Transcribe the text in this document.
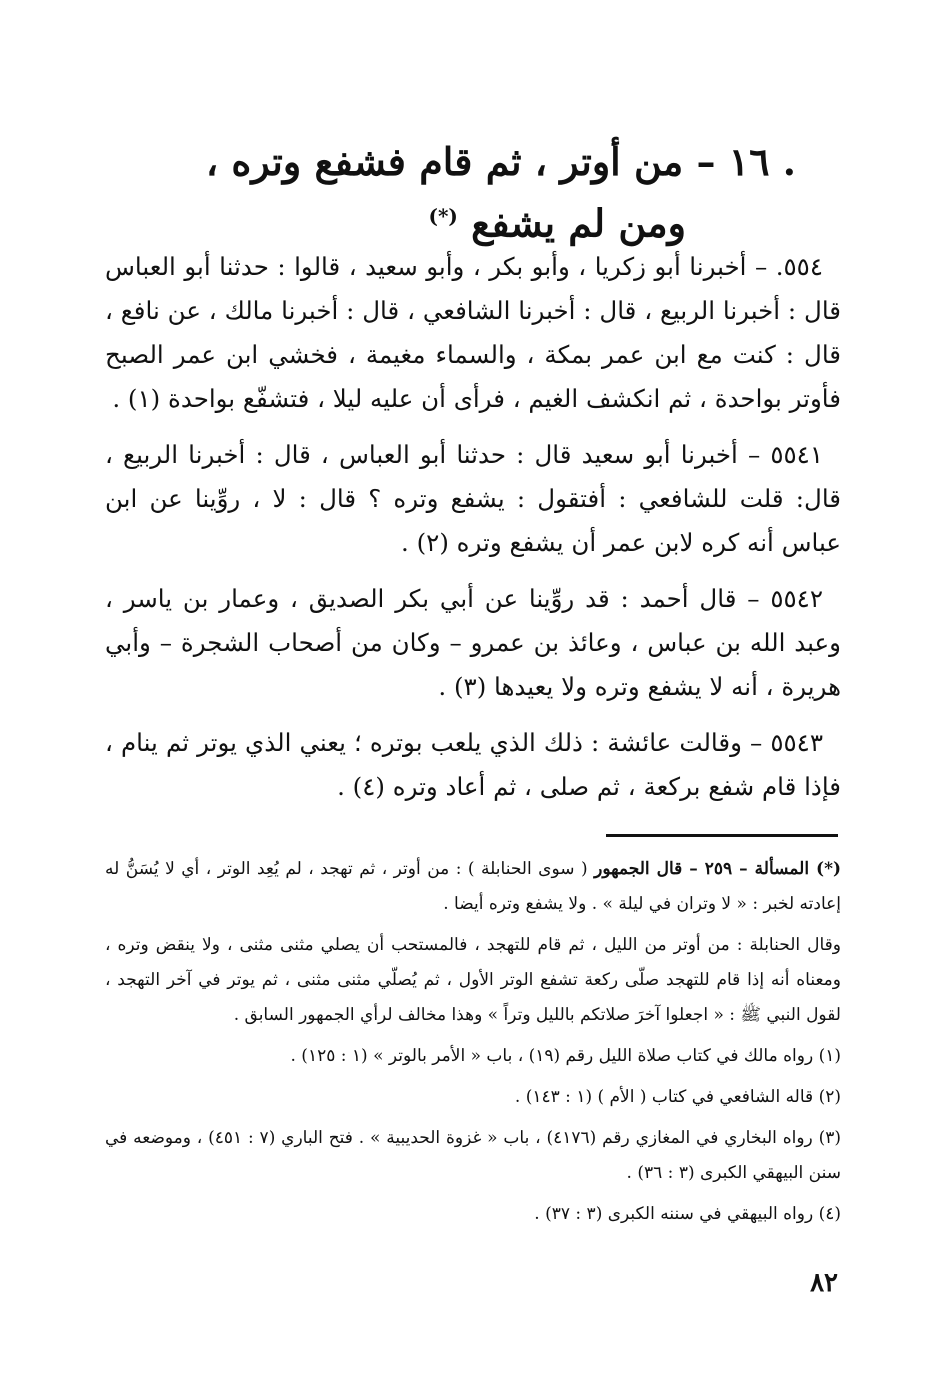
. ١٦ – من أوتر ، ثم قام فشفع وتره ،
ومن لم يشفع (*)

٥٥٤. – أخبرنا أبو زكريا ، وأبو بكر ، وأبو سعيد ، قالوا : حدثنا أبو العباس قال : أخبرنا الربيع ، قال : أخبرنا الشافعي ، قال : أخبرنا مالك ، عن نافع ، قال : كنت مع ابن عمر بمكة ، والسماء مغيمة ، فخشي ابن عمر الصبح فأوتر بواحدة ، ثم انكشف الغيم ، فرأى أن عليه ليلا ، فتشفّع بواحدة (١) .

٥٥٤١ – أخبرنا أبو سعيد قال : حدثنا أبو العباس ، قال : أخبرنا الربيع ، قال: قلت للشافعي : أفتقول : يشفع وتره ؟ قال : لا ، روِّينا عن ابن عباس أنه كره لابن عمر أن يشفع وتره (٢) .

٥٥٤٢ – قال أحمد : قد روِّينا عن أبي بكر الصديق ، وعمار بن ياسر ، وعبد الله بن عباس ، وعائذ بن عمرو – وكان من أصحاب الشجرة – وأبي هريرة ، أنه لا يشفع وتره ولا يعيدها (٣) .

٥٥٤٣ – وقالت عائشة : ذلك الذي يلعب بوتره ؛ يعني الذي يوتر ثم ينام ، فإذا قام شفع بركعة ، ثم صلى ، ثم أعاد وتره (٤) .

(*) المسألة – ٢٥٩ – قال الجمهور ( سوى الحنابلة ) : من أوتر ، ثم تهجد ، لم يُعِد الوتر ، أي لا يُسَنُّ له إعادته لخبر : « لا وتران في ليلة » . ولا يشفع وتره أيضا .

وقال الحنابلة : من أوتر من الليل ، ثم قام للتهجد ، فالمستحب أن يصلي مثنى مثنى ، ولا ينقض وتره ، ومعناه أنه إذا قام للتهجد صلّى ركعة تشفع الوتر الأول ، ثم يُصلّي مثنى مثنى ، ثم يوتر في آخر التهجد ، لقول النبي ﷺ : « اجعلوا آخرَ صلاتكم بالليل وتراً » وهذا مخالف لرأي الجمهور السابق .

(١) رواه مالك في كتاب صلاة الليل رقم (١٩) ، باب « الأمر بالوتر » (١ : ١٢٥) .

(٢) قاله الشافعي في كتاب ( الأم ) (١ : ١٤٣) .

(٣) رواه البخاري في المغازي رقم (٤١٧٦) ، باب « غزوة الحديبية » . فتح الباري (٧ : ٤٥١) ، وموضعه في سنن البيهقي الكبرى (٣ : ٣٦) .

(٤) رواه البيهقي في سننه الكبرى (٣ : ٣٧) .

٨٢
